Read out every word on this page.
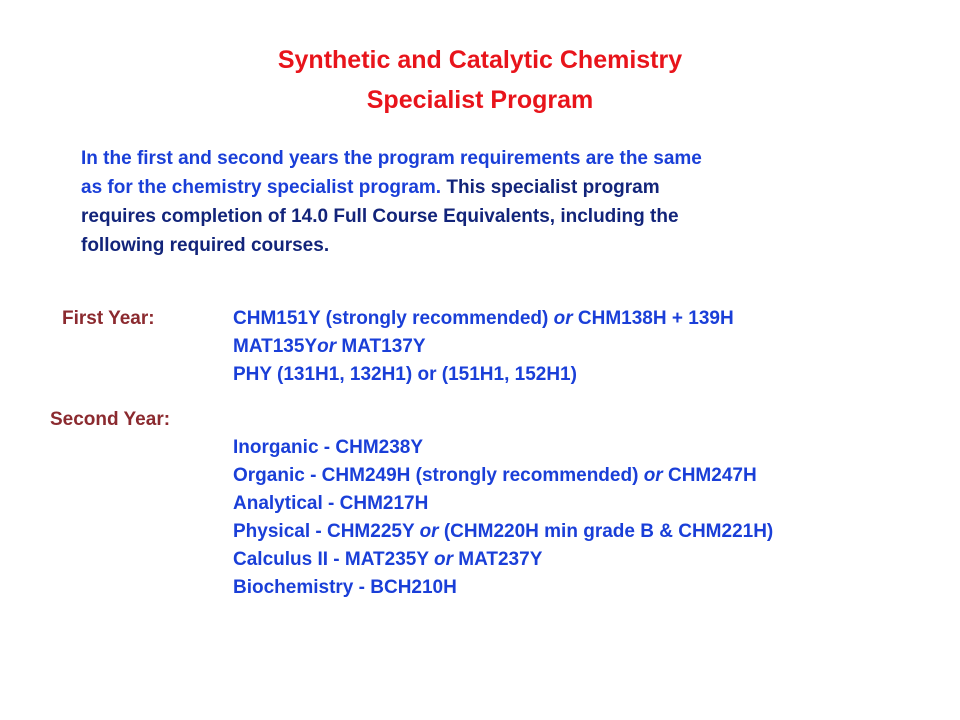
Synthetic and Catalytic Chemistry
Specialist Program
In the first and second years the program requirements are the same
as for the chemistry specialist program. This specialist program
requires completion of 14.0 Full Course Equivalents, including the
following required courses.
First Year:	CHM151Y (strongly recommended) or CHM138H + 139H
MAT135Yor MAT137Y
PHY (131H1, 132H1) or (151H1, 152H1)
Second Year:
Inorganic - CHM238Y
Organic - CHM249H (strongly recommended) or CHM247H
Analytical - CHM217H
Physical - CHM225Y or (CHM220H min grade B & CHM221H)
Calculus II - MAT235Y or MAT237Y
Biochemistry - BCH210H
